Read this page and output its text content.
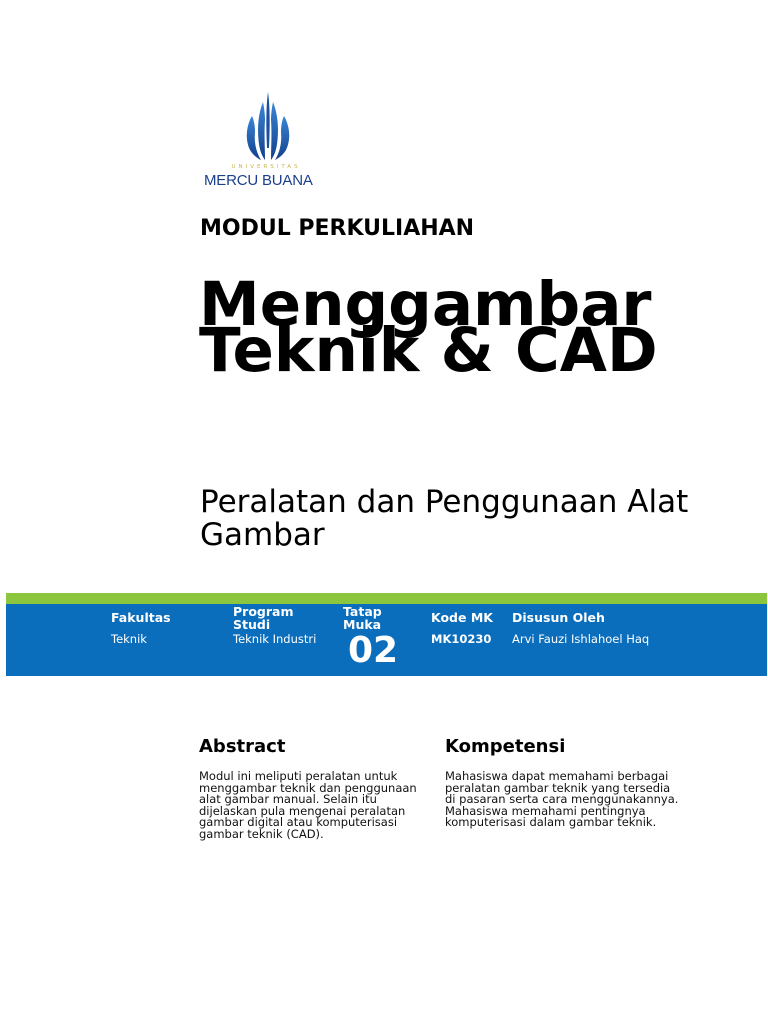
UNIVERSITAS
MERCU BUANA
MODUL PERKULIAHAN
Menggambar Teknik & CAD
Peralatan dan Penggunaan Alat Gambar
Fakultas
Teknik
Program Studi
Teknik Industri
Tatap Muka
02
Kode MK
MK10230
Disusun Oleh
Arvi Fauzi Ishlahoel Haq
Abstract
Modul ini meliputi peralatan untuk menggambar teknik dan penggunaan alat gambar manual. Selain itu dijelaskan pula mengenai peralatan gambar digital atau komputerisasi gambar teknik (CAD).
Kompetensi
Mahasiswa dapat memahami berbagai peralatan gambar teknik yang tersedia di pasaran serta cara menggunakannya. Mahasiswa memahami pentingnya komputerisasi dalam gambar teknik.
